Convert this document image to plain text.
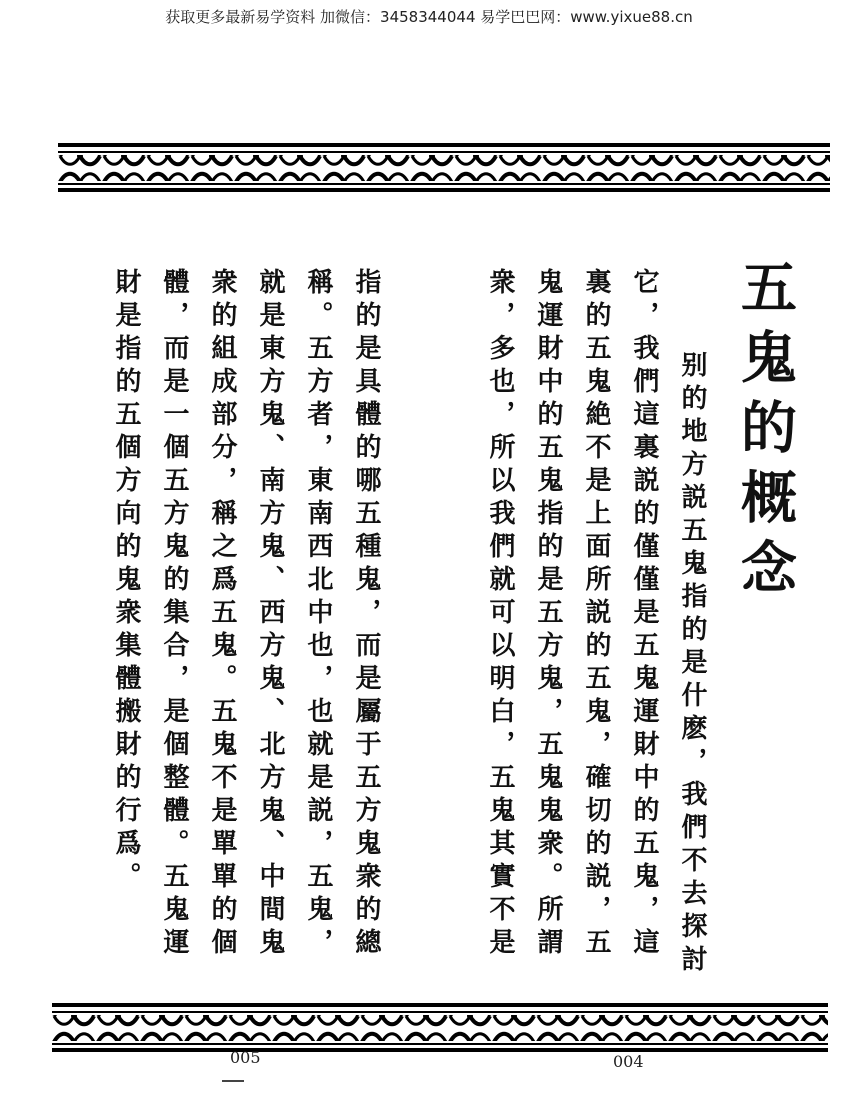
获取更多最新易学资料 加微信：3458344044 易学巴巴网：www.yixue88.cn
五鬼的概念
　别的地方説五鬼指的是什麽，我們不去探討
它，我們這裏説的僅僅是五鬼運財中的五鬼，這
裏的五鬼絶不是上面所説的五鬼，確切的説，五
鬼運財中的五鬼指的是五方鬼，五鬼鬼衆。所謂
衆，多也，所以我們就可以明白，五鬼其實不是
指的是具體的哪五種鬼，而是屬于五方鬼衆的總
稱。五方者，東南西北中也，也就是説，五鬼，
就是東方鬼、南方鬼、西方鬼、北方鬼、中間鬼
衆的組成部分，稱之爲五鬼。五鬼不是單單的個
體，而是一個五方鬼的集合，是個整體。五鬼運
財是指的五個方向的鬼衆集體搬財的行爲。
005	004
